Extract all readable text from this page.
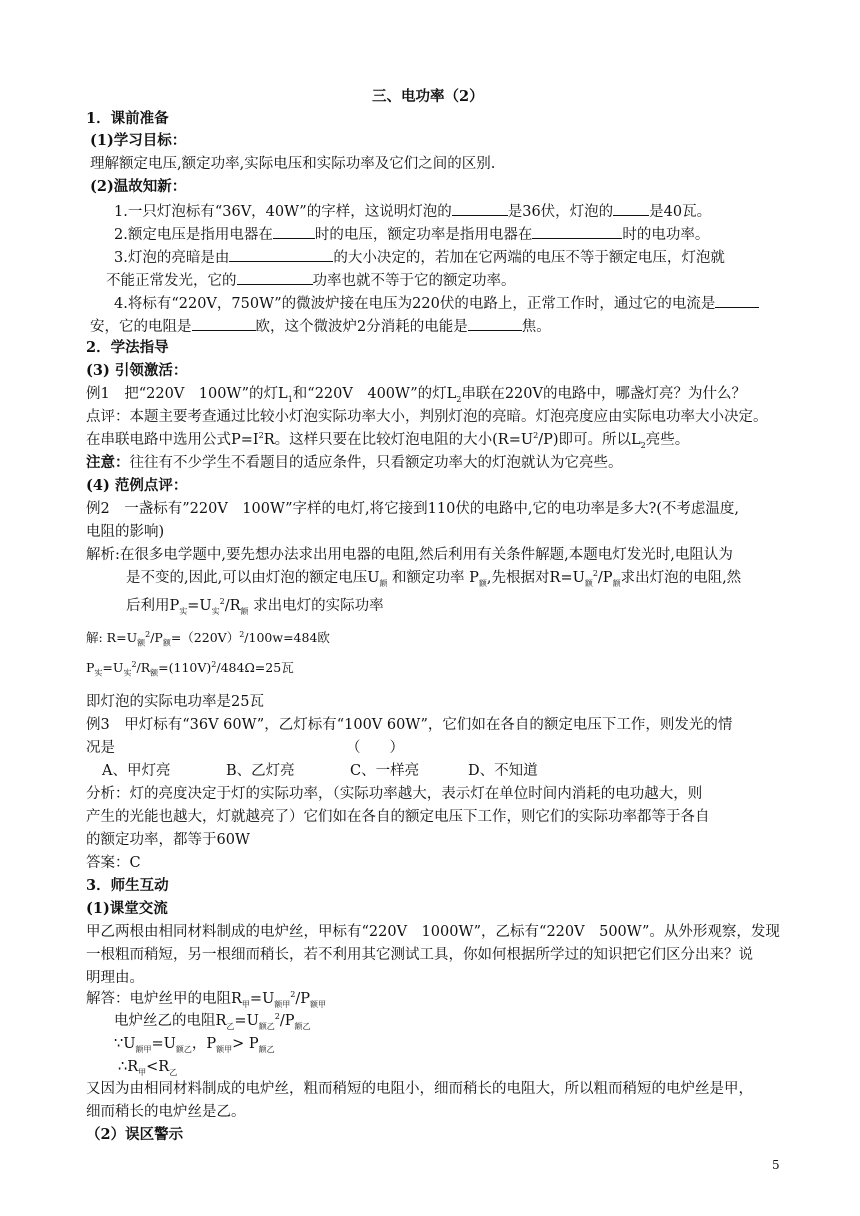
三、电功率（2）
1．课前准备
(1)学习目标：
理解额定电压,额定功率,实际电压和实际功率及它们之间的区别.
(2)温故知新：
1.一只灯泡标有“36V，40W”的字样，这说明灯泡的	是36伏，灯泡的 是40瓦。
2.额定电压是指用电器在	时的电压，额定功率是指用电器在	时的电功率。
3.灯泡的亮暗是由	的大小决定的，若加在它两端的电压不等于额定电压，灯泡就
不能正常发光，它的	功率也就不等于它的额定功率。
4.将标有“220V，750W”的微波炉接在电压为220伏的电路上，正常工作时，通过它的电流是
安，它的电阻是	欧，这个微波炉2分消耗的电能是	焦。
2．学法指导
(3) 引领激活：
例1　把“220V　100W”的灯$L_1$和“220V　400W”的灯$L_2$串联在220V的电路中，哪盏灯亮？为什么？
点评：本题主要考查通过比较小灯泡实际功率大小，判别灯泡的亮暗。灯泡亮度应由实际电功率大小决定。
在串联电路中选用公式$P=I^2R$。这样只要在比较灯泡电阻的大小$(R=U^2/P)$即可。所以$L_2$亮些。
注意：往往有不少学生不看题目的适应条件，只看额定功率大的灯泡就认为它亮些。
(4) 范例点评：
例2　一盏标有”220V　100W”字样的电灯,将它接到110伏的电路中,它的电功率是多大?(不考虑温度,
电阻的影响)
解析:在很多电学题中,要先想办法求出用电器的电阻,然后利用有关条件解题,本题电灯发光时,电阻认为
是不变的,因此,可以由灯泡的额定电压$U_额$ 和额定功率 $P_额$,先根据对$R=U_额^2/P_额$求出灯泡的电阻,然
后利用$P_实=U_实^2/R_额$ 求出电灯的实际功率
解: $R=U_额^2/P_额=(220V)^2/100w=484$欧
$P_实=U_实^2/R_额=(110V)^2/484\Omega=25$瓦
即灯泡的实际电功率是25瓦
例3　甲灯标有“36V 60W”，乙灯标有“100V 60W”，它们如在各自的额定电压下工作，则发光的情
况是	（　　）
A、甲灯亮	B、乙灯亮	C、一样亮	D、不知道
分析：灯的亮度决定于灯的实际功率，（实际功率越大，表示灯在单位时间内消耗的电功越大，则
产生的光能也越大，灯就越亮了）它们如在各自的额定电压下工作，则它们的实际功率都等于各自
的额定功率，都等于60W
答案：C
3．师生互动
(1)课堂交流
甲乙两根由相同材料制成的电炉丝，甲标有“220V　1000W”，乙标有“220V　500W”。从外形观察，发现
一根粗而稍短，另一根细而稍长，若不利用其它测试工具，你如何根据所学过的知识把它们区分出来？说
明理由。
解答：电炉丝甲的电阻$R_甲=U_{额甲}^2/P_{额甲}$
电炉丝乙的电阻$R_乙=U_{额乙}^2/P_{额乙}$
$\because U_{额甲}=U_{额乙}$，$P_{额甲}> P_{额乙}$
$\therefore R_甲<R_乙$
又因为由相同材料制成的电炉丝，粗而稍短的电阻小，细而稍长的电阻大，所以粗而稍短的电炉丝是甲，
细而稍长的电炉丝是乙。
（2）误区警示
5
